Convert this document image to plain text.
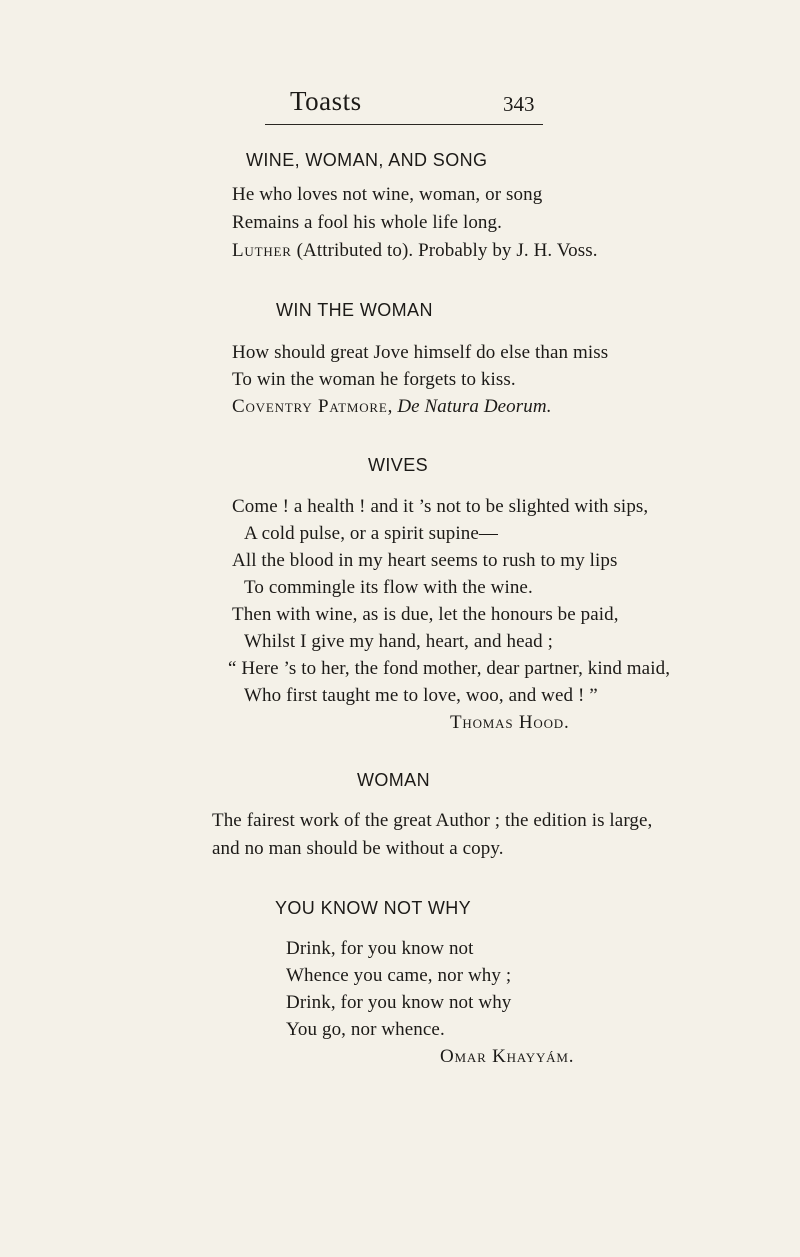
Toasts	343
WINE, WOMAN, AND SONG
He who loves not wine, woman, or song
Remains a fool his whole life long.
Luther (Attributed to). Probably by J. H. Voss.
WIN THE WOMAN
How should great Jove himself do else than miss
To win the woman he forgets to kiss.
Coventry Patmore, De Natura Deorum.
WIVES
Come ! a health ! and it ’s not to be slighted with sips,
A cold pulse, or a spirit supine—
All the blood in my heart seems to rush to my lips
To commingle its flow with the wine.
Then with wine, as is due, let the honours be paid,
Whilst I give my hand, heart, and head ;
“ Here ’s to her, the fond mother, dear partner, kind maid,
Who first taught me to love, woo, and wed ! ”
Thomas Hood.
WOMAN
The fairest work of the great Author ; the edition is large,
and no man should be without a copy.
YOU KNOW NOT WHY
Drink, for you know not
Whence you came, nor why ;
Drink, for you know not why
You go, nor whence.
Omar Khayyám.
